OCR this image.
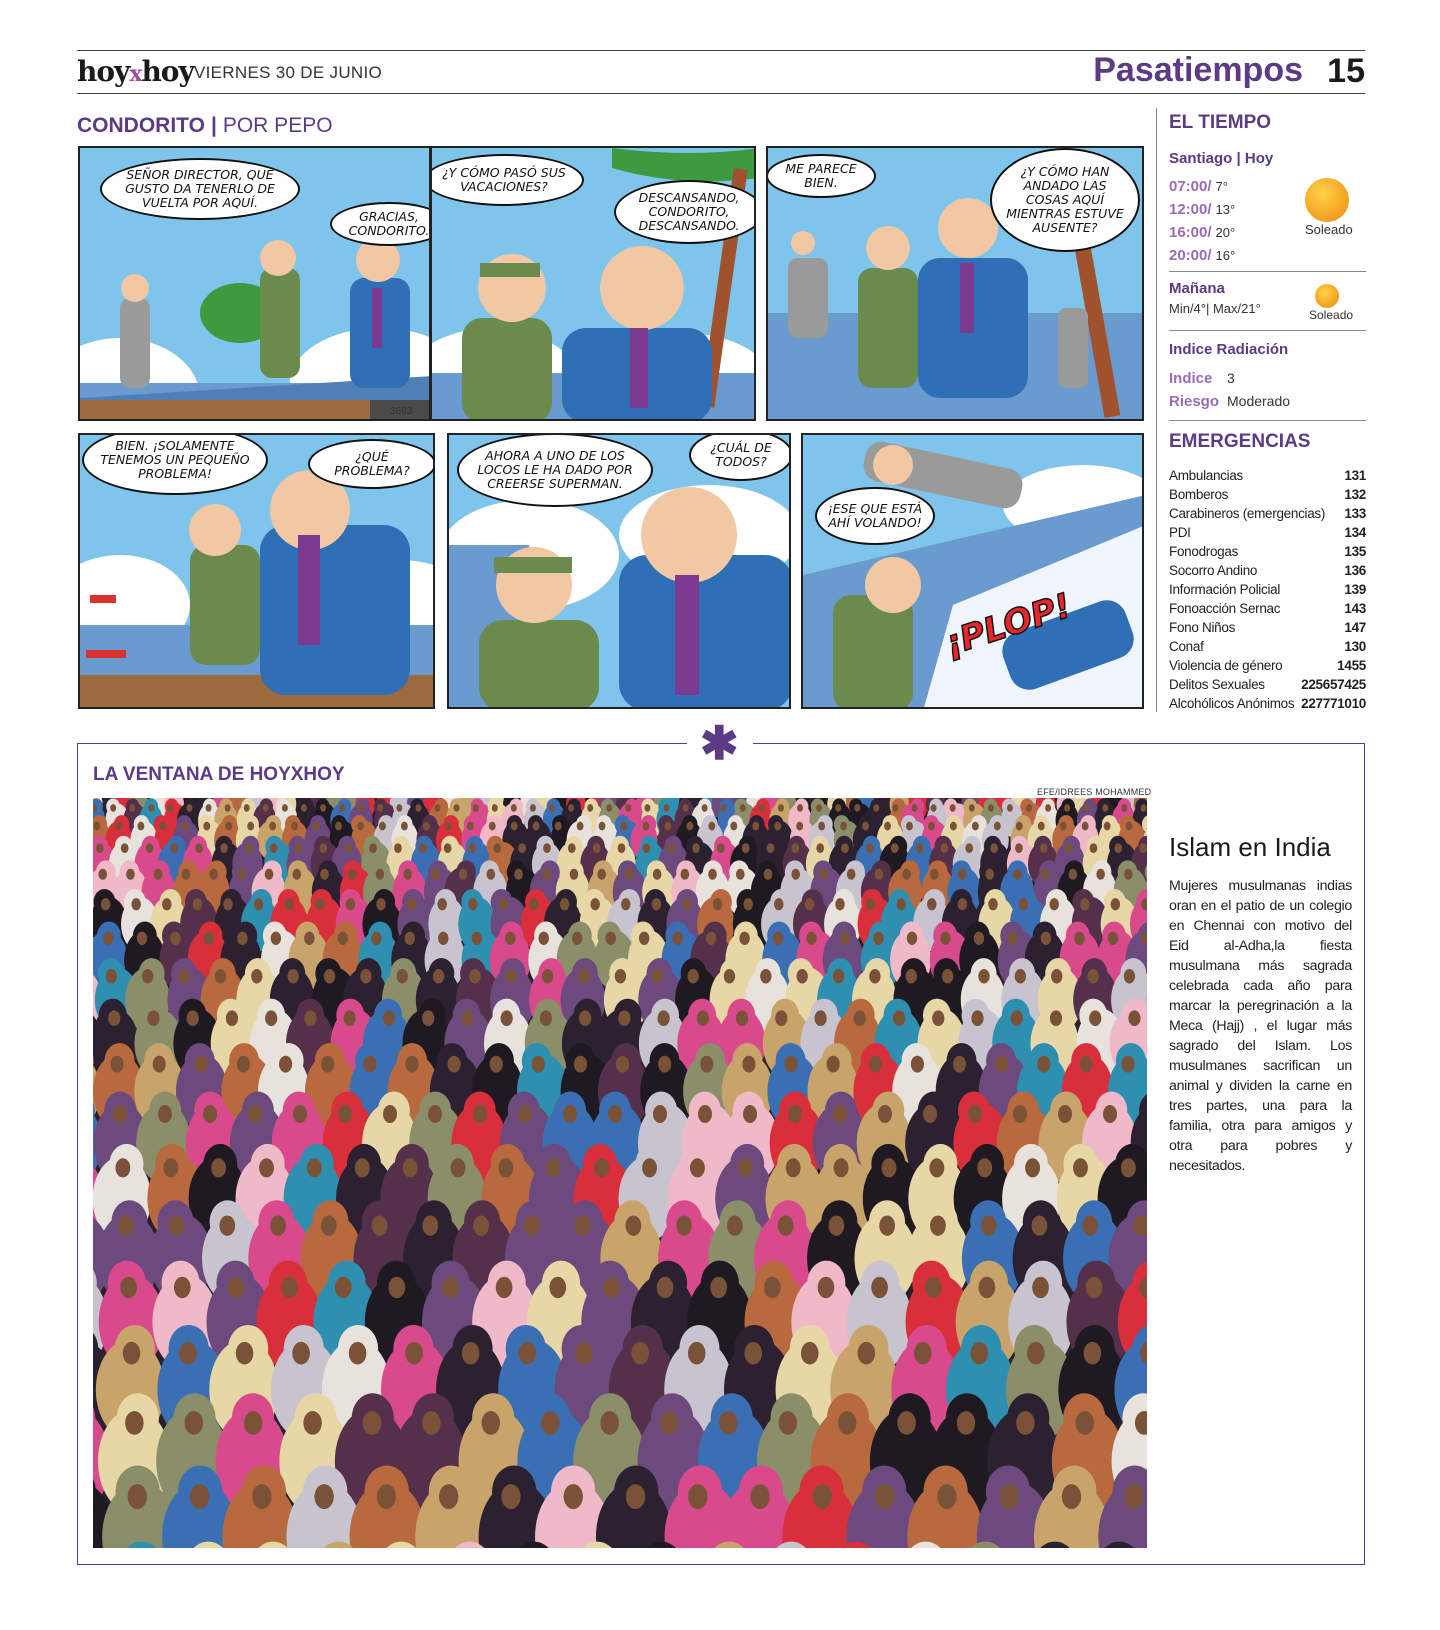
hoyxhoy VIERNES 30 DE JUNIO	Pasatiempos 15
CONDORITO | POR PEPO
SEÑOR DIRECTOR, QUÉ GUSTO DA TENERLO DE VUELTA POR AQUÍ.
GRACIAS, CONDORITO.
3693
¿Y CÓMO PASÓ SUS VACACIONES?
DESCANSANDO, CONDORITO, DESCANSANDO.
ME PARECE BIEN.
¿Y CÓMO HAN ANDADO LAS COSAS AQUÍ MIENTRAS ESTUVE AUSENTE?
BIEN. ¡SOLAMENTE TENEMOS UN PEQUEÑO PROBLEMA!
¿QUÉ PROBLEMA?
AHORA A UNO DE LOS LOCOS LE HA DADO POR CREERSE SUPERMAN.
¿CUÁL DE TODOS?
¡ESE QUE ESTÁ AHÍ VOLANDO!
¡PLOP!
EL TIEMPO
Santiago | Hoy
07:00/ 7°
12:00/ 13°
16:00/ 20°
20:00/ 16°
Soleado
Mañana
Min/4°| Max/21°	Soleado
Indice Radiación
Indice 3
Riesgo Moderado
EMERGENCIAS
Ambulancias	131
Bomberos	132
Carabineros (emergencias) 133
PDI	134
Fonodrogas	135
Socorro Andino	136
Información Policial	139
Fonoacción Sernac	143
Fono Niños	147
Conaf	130
Violencia de género	1455
Delitos Sexuales	225657425
Alcohólicos Anónimos 227771010
✱
LA VENTANA DE HOYXHOY
EFE/IDREES MOHAMMED
Islam en India
Mujeres musulmanas indias oran en el patio de un colegio en Chennai con motivo del Eid al-Adha,la fiesta musulmana más sagrada celebrada cada año para marcar la peregrinación a la Meca (Hajj) , el lugar más sagrado del Islam. Los musulmanes sacrifican un animal y dividen la carne en tres partes, una para la familia, otra para amigos y otra para pobres y necesitados.
